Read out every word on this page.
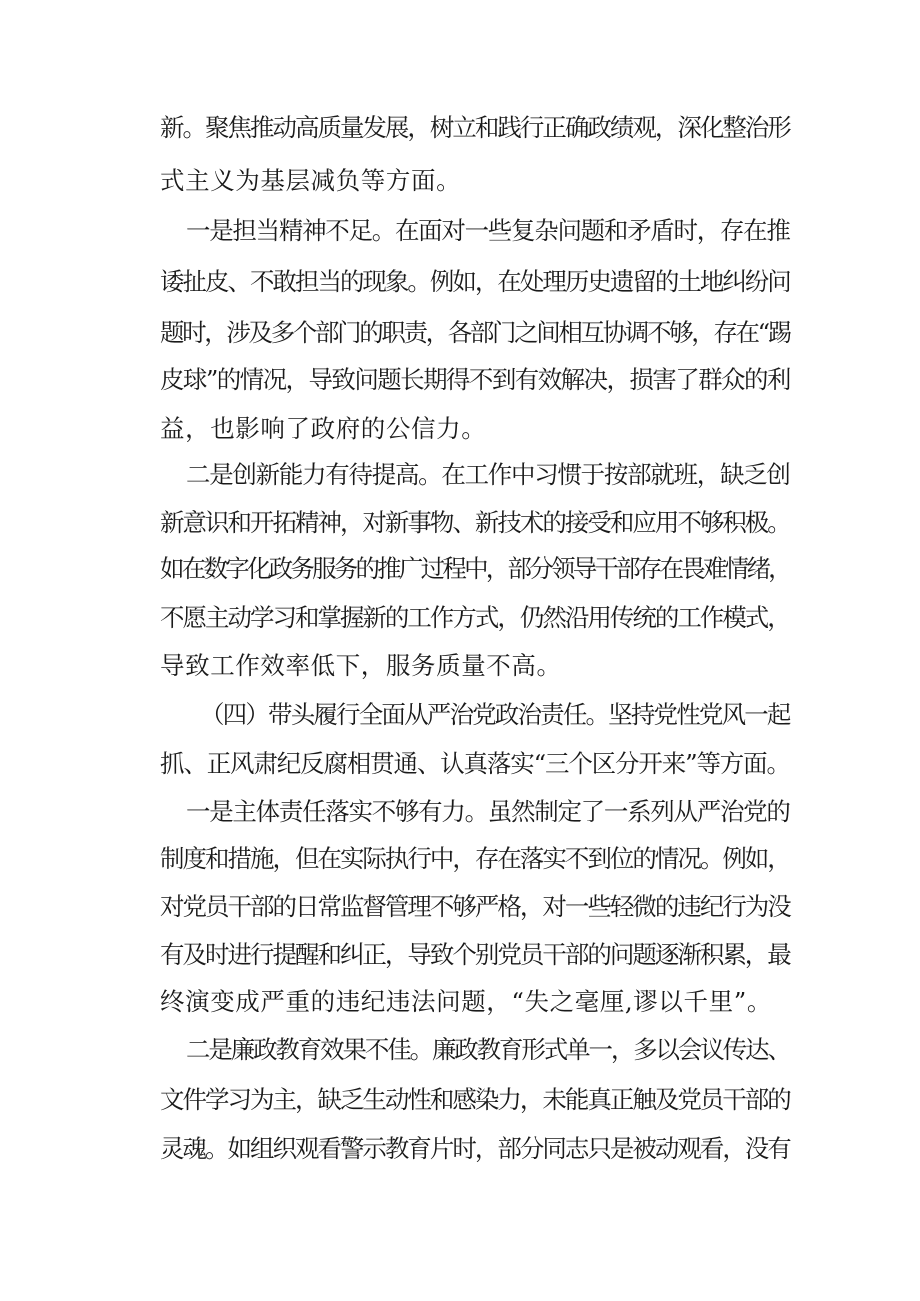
新。聚焦推动高质量发展，树立和践行正确政绩观，深化整治形
式主义为基层减负等方面。
一是担当精神不足。在面对一些复杂问题和矛盾时，存在推
诿扯皮、不敢担当的现象。例如，在处理历史遗留的土地纠纷问
题时，涉及多个部门的职责，各部门之间相互协调不够，存在“踢
皮球”的情况，导致问题长期得不到有效解决，损害了群众的利
益，也影响了政府的公信力。
二是创新能力有待提高。在工作中习惯于按部就班，缺乏创
新意识和开拓精神，对新事物、新技术的接受和应用不够积极。
如在数字化政务服务的推广过程中，部分领导干部存在畏难情绪，
不愿主动学习和掌握新的工作方式，仍然沿用传统的工作模式，
导致工作效率低下，服务质量不高。
（四）带头履行全面从严治党政治责任。坚持党性党风一起
抓、正风肃纪反腐相贯通、认真落实“三个区分开来”等方面。
一是主体责任落实不够有力。虽然制定了一系列从严治党的
制度和措施，但在实际执行中，存在落实不到位的情况。例如，
对党员干部的日常监督管理不够严格，对一些轻微的违纪行为没
有及时进行提醒和纠正，导致个别党员干部的问题逐渐积累，最
终演变成严重的违纪违法问题，“失之毫厘,谬以千里”。
二是廉政教育效果不佳。廉政教育形式单一，多以会议传达、
文件学习为主，缺乏生动性和感染力，未能真正触及党员干部的
灵魂。如组织观看警示教育片时，部分同志只是被动观看，没有
